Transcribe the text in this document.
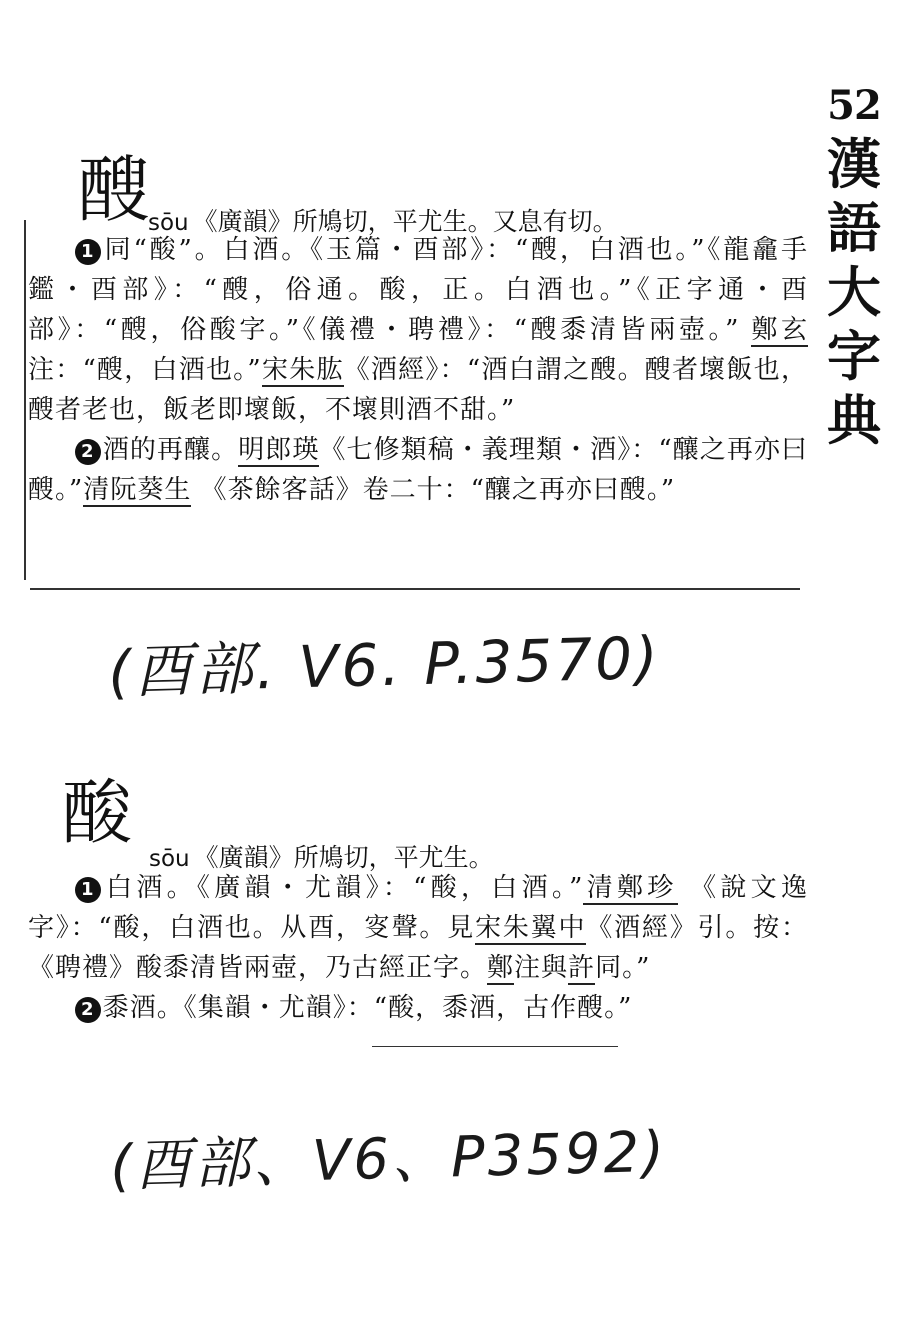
52
漢
語
大
字
典
醙
sōu 《廣韻》所鳩切，平尤生。又息有切。

1 同“酸”。白酒。《玉篇・酉部》：“醙，白酒也。”《龍龕手鑑・酉部》：“醙，俗通。酸，正。白酒也。”《正字通・酉部》：“醙，俗酸字。”《儀禮・聘禮》：“醙黍清皆兩壺。” 鄭玄注：“醙，白酒也。”宋朱肱《酒經》：“酒白謂之醙。醙者壞飯也，醙者老也，飯老即壞飯，不壞則酒不甜。”

2 酒的再釀。明郎瑛《七修類稿・義理類・酒》：“釀之再亦曰醙。”清阮葵生 《茶餘客話》卷二十：“釀之再亦曰醙。”

(酉部. V6. P.3570)
酸
sōu 《廣韻》所鳩切，平尤生。

1 白酒。《廣韻・尤韻》：“酸，白酒。”清鄭珍 《說文逸字》：“酸，白酒也。从酉，叜聲。見宋朱翼中《酒經》引。按：《聘禮》酸黍清皆兩壺，乃古經正字。鄭注與許同。”

2 黍酒。《集韻・尤韻》：“酸，黍酒，古作醙。”

(酉部、V6、P3592)
